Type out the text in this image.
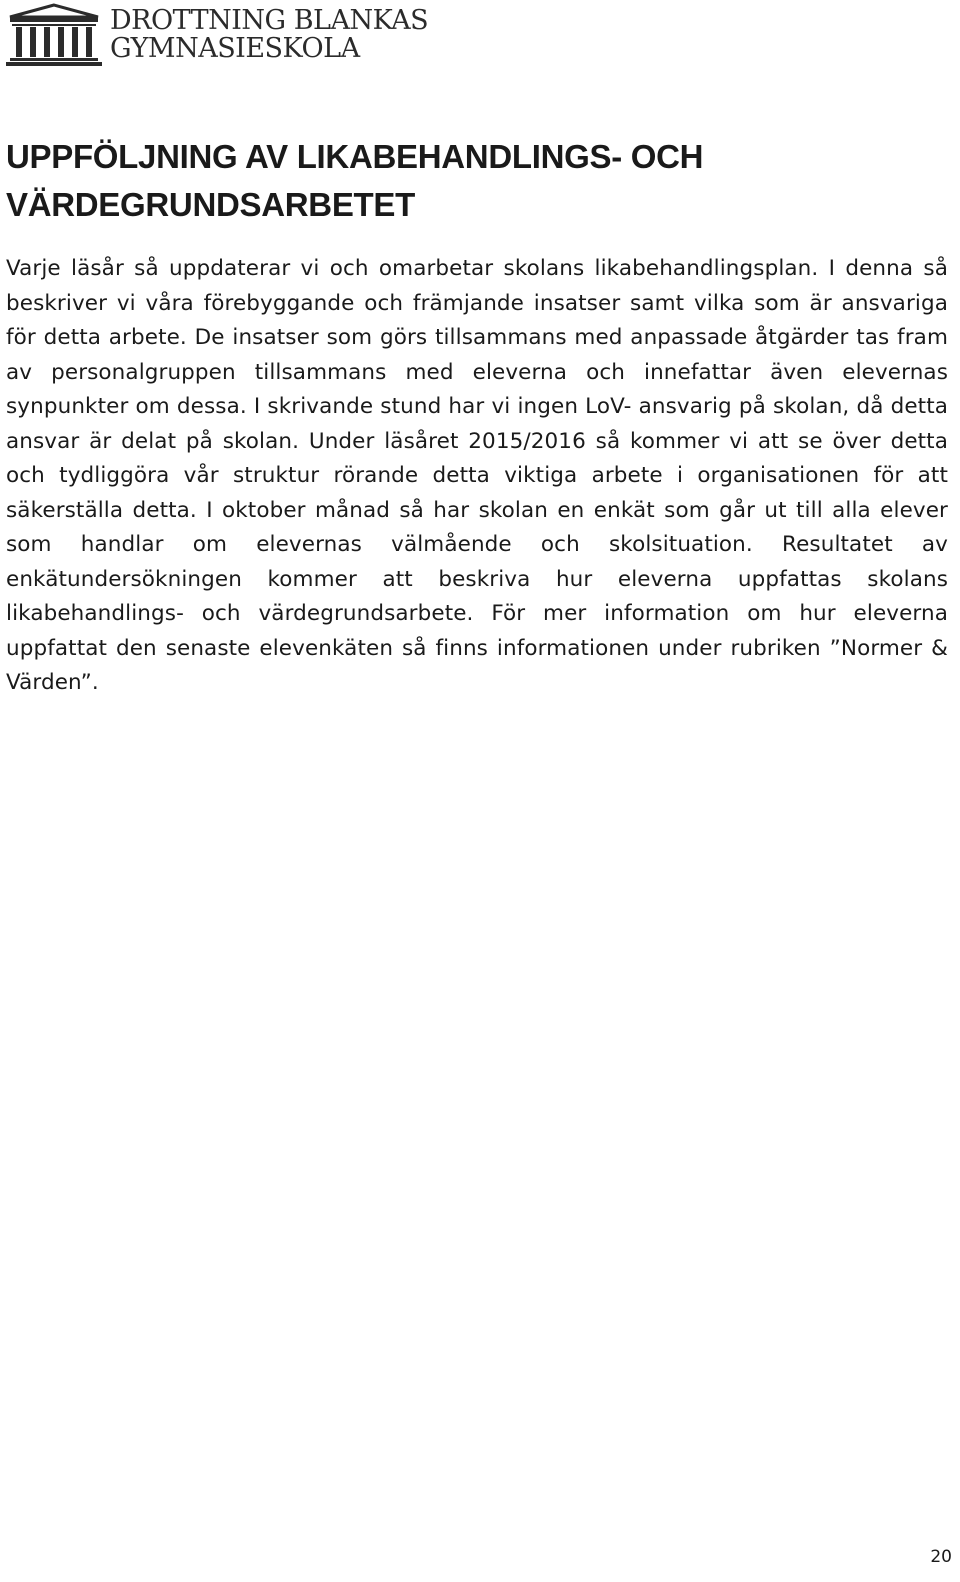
DROTTNING BLANKAS
GYMNASIESKOLA
UPPFÖLJNING AV LIKABEHANDLINGS- OCH VÄRDEGRUNDSARBETET

Varje läsår så uppdaterar vi och omarbetar skolans likabehandlingsplan. I denna så beskriver vi våra förebyggande och främjande insatser samt vilka som är ansvariga för detta arbete. De insatser som görs tillsammans med anpassade åtgärder tas fram av personalgruppen tillsammans med eleverna och innefattar även elevernas synpunkter om dessa. I skrivande stund har vi ingen LoV- ansvarig på skolan, då detta ansvar är delat på skolan. Under läsåret 2015/2016 så kommer vi att se över detta och tydliggöra vår struktur rörande detta viktiga arbete i organisationen för att säkerställa detta. I oktober månad så har skolan en enkät som går ut till alla elever som handlar om elevernas välmående och skolsituation. Resultatet av enkätundersökningen kommer att beskriva hur eleverna uppfattas skolans likabehandlings- och värdegrundsarbete. För mer information om hur eleverna uppfattat den senaste elevenkäten så finns informationen under rubriken ”Normer & Värden”.

20
